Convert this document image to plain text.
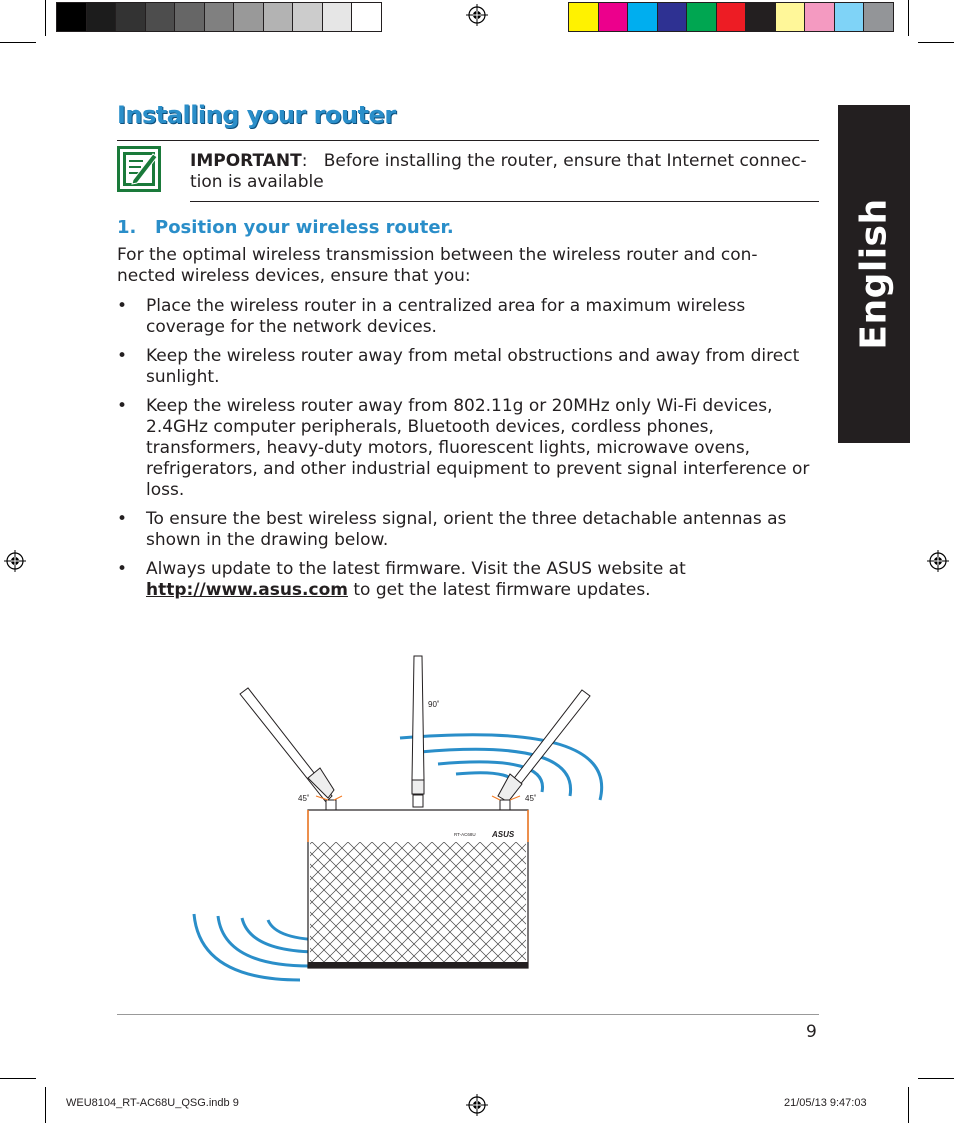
English
Installing your router
IMPORTANT:   Before installing the router, ensure that Internet connec-tion is available
1. Position your wireless router.
For the optimal wireless transmission between the wireless router and con-nected wireless devices, ensure that you:
• Place the wireless router in a centralized area for a maximum wireless coverage for the network devices.
• Keep the wireless router away from metal obstructions and away from direct sunlight.
• Keep the wireless router away from 802.11g or 20MHz only Wi-Fi devices, 2.4GHz computer peripherals, Bluetooth devices, cordless phones, transformers, heavy-duty motors, fluorescent lights, microwave ovens, refrigerators, and other industrial equipment to prevent signal interference or loss.
• To ensure the best wireless signal, orient the three detachable antennas as shown in the drawing below.
• Always update to the latest firmware. Visit the ASUS website at
http://www.asus.com to get the latest firmware updates.
90˚
45˚	45˚
RT-AC68U ASUS
9
WEU8104_RT-AC68U_QSG.indb 9	21/05/13 9:47:03
